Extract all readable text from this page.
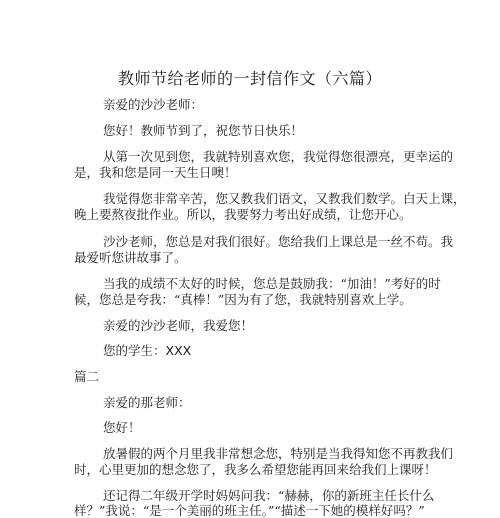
教师节给老师的一封信作文（六篇）
亲爱的沙沙老师：
您好！教师节到了，祝您节日快乐！
从第一次见到您，我就特别喜欢您，我觉得您很漂亮，更幸运的
是，我和您是同一天生日噢！
我觉得您非常辛苦，您又教我们语文，又教我们数学。白天上课，
晚上要熬夜批作业。所以，我要努力考出好成绩，让您开心。
沙沙老师，您总是对我们很好。您给我们上课总是一丝不苟。我
最爱听您讲故事了。
当我的成绩不太好的时候，您总是鼓励我：“加油！”考好的时
候，您总是夸我：“真棒！”因为有了您，我就特别喜欢上学。
亲爱的沙沙老师，我爱您！
您的学生：XXX
篇二
亲爱的那老师：
您好！
放暑假的两个月里我非常想念您，特别是当我得知您不再教我们
时，心里更加的想念您了，我多么希望您能再回来给我们上课呀！
还记得二年级开学时妈妈问我：“赫赫，你的新班主任长什么
样？”我说：“是一个美丽的班主任。”“描述一下她的模样好吗？”
